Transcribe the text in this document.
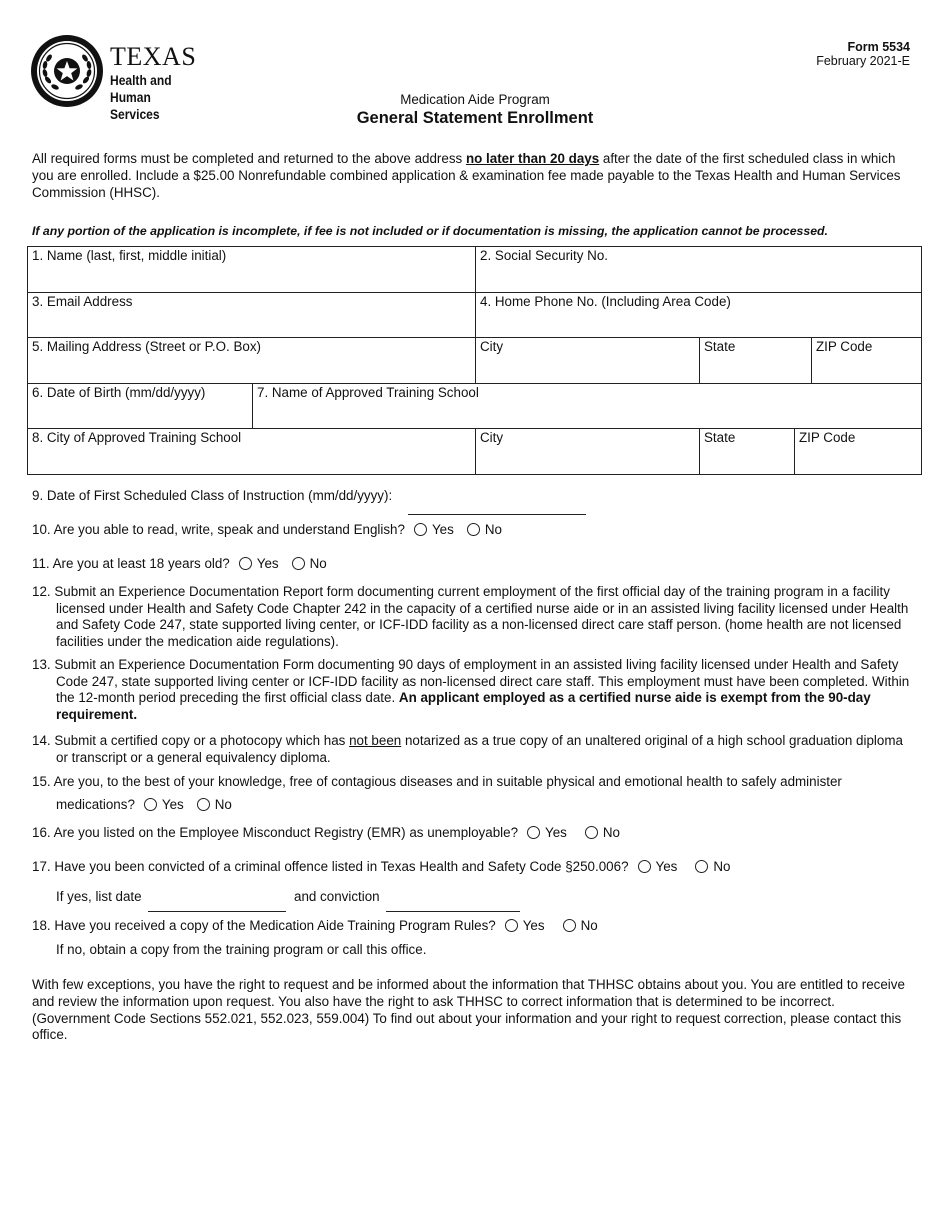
TEXAS
Health and Human
Services
Form 5534
February 2021-E
Medication Aide Program
General Statement Enrollment
All required forms must be completed and returned to the above address no later than 20 days after the date of the first scheduled class in which you are enrolled. Include a $25.00 Nonrefundable combined application & examination fee made payable to the Texas Health and Human Services Commission (HHSC).
If any portion of the application is incomplete, if fee is not included or if documentation is missing, the application cannot be processed.
1. Name (last, first, middle initial)	2. Social Security No.
3. Email Address	4. Home Phone No. (Including Area Code)
5. Mailing Address (Street or P.O. Box)	City	State	ZIP Code
6. Date of Birth (mm/dd/yyyy)	7. Name of Approved Training School
8. City of Approved Training School	City	State	ZIP Code
9. Date of First Scheduled Class of Instruction (mm/dd/yyyy):
10. Are you able to read, write, speak and understand English? Yes No
11. Are you at least 18 years old? Yes No
12. Submit an Experience Documentation Report form documenting current employment of the first official day of the training program in a facility licensed under Health and Safety Code Chapter 242 in the capacity of a certified nurse aide or in an assisted living facility licensed under Health and Safety Code 247, state supported living center, or ICF-IDD facility as a non-licensed direct care staff person. (home health are not licensed facilities under the medication aide regulations).
13. Submit an Experience Documentation Form documenting 90 days of employment in an assisted living facility licensed under Health and Safety Code 247, state supported living center or ICF-IDD facility as non-licensed direct care staff. This employment must have been completed. Within the 12-month period preceding the first official class date. An applicant employed as a certified nurse aide is exempt from the 90-day requirement.
14. Submit a certified copy or a photocopy which has not been notarized as a true copy of an unaltered original of a high school graduation diploma or transcript or a general equivalency diploma.
15. Are you, to the best of your knowledge, free of contagious diseases and in suitable physical and emotional health to safely administer
medications? Yes No
16. Are you listed on the Employee Misconduct Registry (EMR) as unemployable? Yes	No
17. Have you been convicted of a criminal offence listed in Texas Health and Safety Code §250.006? Yes	No
If yes, list date	and conviction
18. Have you received a copy of the Medication Aide Training Program Rules? Yes	No
If no, obtain a copy from the training program or call this office.
With few exceptions, you have the right to request and be informed about the information that THHSC obtains about you. You are entitled to receive and review the information upon request. You also have the right to ask THHSC to correct information that is determined to be incorrect. (Government Code Sections 552.021, 552.023, 559.004) To find out about your information and your right to request correction, please contact this office.
